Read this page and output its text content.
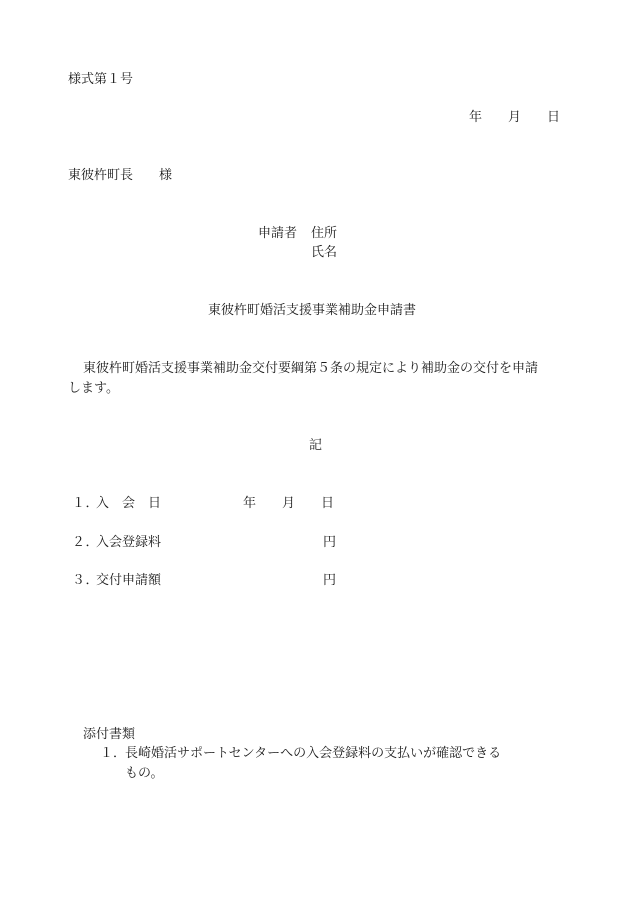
様式第１号
年　　月　　日
東彼杵町長　　様
申請者 住所
氏名
東彼杵町婚活支援事業補助金申請書
東彼杵町婚活支援事業補助金交付要綱第５条の規定により補助金の交付を申請
します。
記
１．
入　会　日	年　　月　　日
２．
入会登録料	円
３．
交付申請額	円
添付書類
１．
長崎婚活サポートセンターへの入会登録料の支払いが確認できる
もの。
